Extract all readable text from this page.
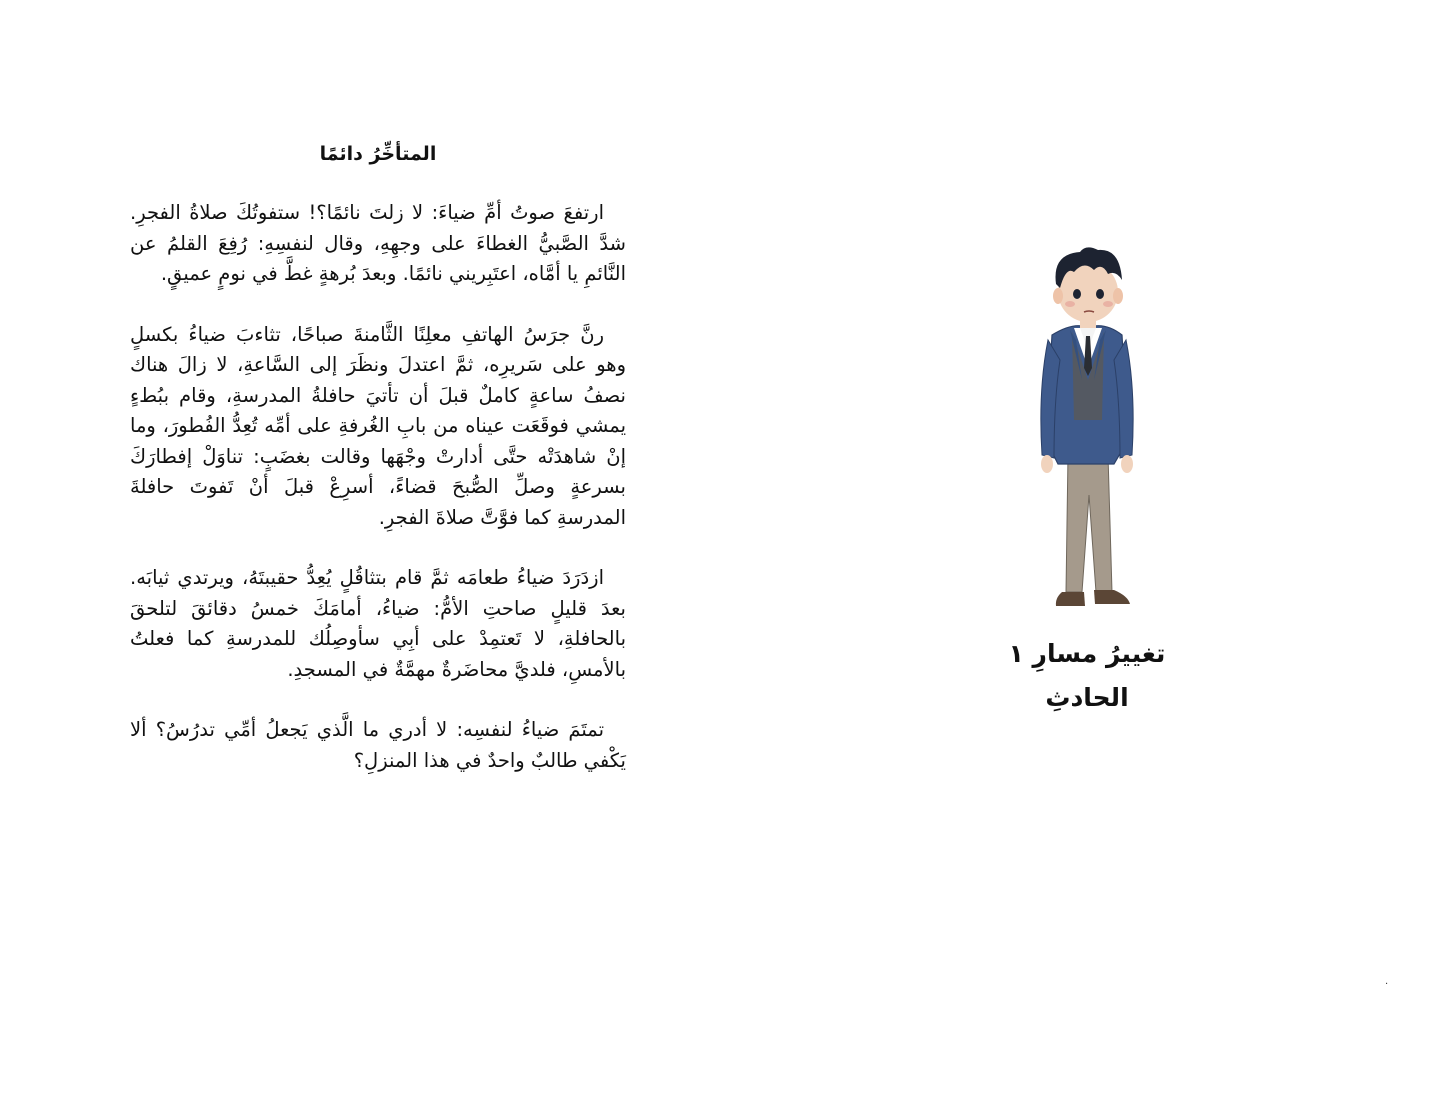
المتأخِّرُ دائمًا

ارتفعَ صوتُ أمِّ ضياءَ: لا زلتَ نائمًا؟! ستفوتُكَ صلاةُ الفجرِ. شدَّ الصَّبيُّ الغطاءَ على وجهِهِ، وقال لنفسِهِ: رُفِعَ القلمُ عن النَّائمِ يا أمَّاه، اعتَبِريني نائمًا. وبعدَ بُرهةٍ غطَّ في نومٍ عميقٍ.

رنَّ جرَسُ الهاتفِ معلِنًا الثَّامنةَ صباحًا، تثاءبَ ضياءُ بكسلٍ وهو على سَريرِه، ثمَّ اعتدلَ ونظَرَ إلى السَّاعةِ، لا زالَ هناك نصفُ ساعةٍ كاملٌ قبلَ أن تأتيَ حافلةُ المدرسةِ، وقام ببُطءٍ يمشي فوقَعَت عيناه من بابِ الغُرفةِ على أمِّه تُعِدُّ الفُطورَ، وما إنْ شاهدَتْه حتَّى أدارتْ وجْهَها وقالت بغضَبٍ: تناوَلْ إفطارَكَ بسرعةٍ وصلِّ الصُّبحَ قضاءً، أسرِعْ قبلَ أنْ تَفوتَ حافلةَ المدرسةِ كما فوَّتَّ صلاةَ الفجرِ.

ازدَرَدَ ضياءُ طعامَه ثمَّ قام بتثاقُلٍ يُعِدُّ حقيبتَهُ، ويرتدي ثيابَه. بعدَ قليلٍ صاحتِ الأمُّ: ضياءُ، أمامَكَ خمسُ دقائقَ لتلحقَ بالحافلةِ، لا تَعتمِدْ على أبِي سأوصِلُك للمدرسةِ كما فعلتُ بالأمسِ، فلديَّ محاضَرةٌ مهمَّةٌ في المسجدِ.

تمتَمَ ضياءُ لنفسِه: لا أدري ما الَّذي يَجعلُ أمِّي تدرُسُ؟ ألا يَكْفي طالبٌ واحدٌ في هذا المنزلِ؟

تغييرُ مسارِ ١
الحادثِ
.
